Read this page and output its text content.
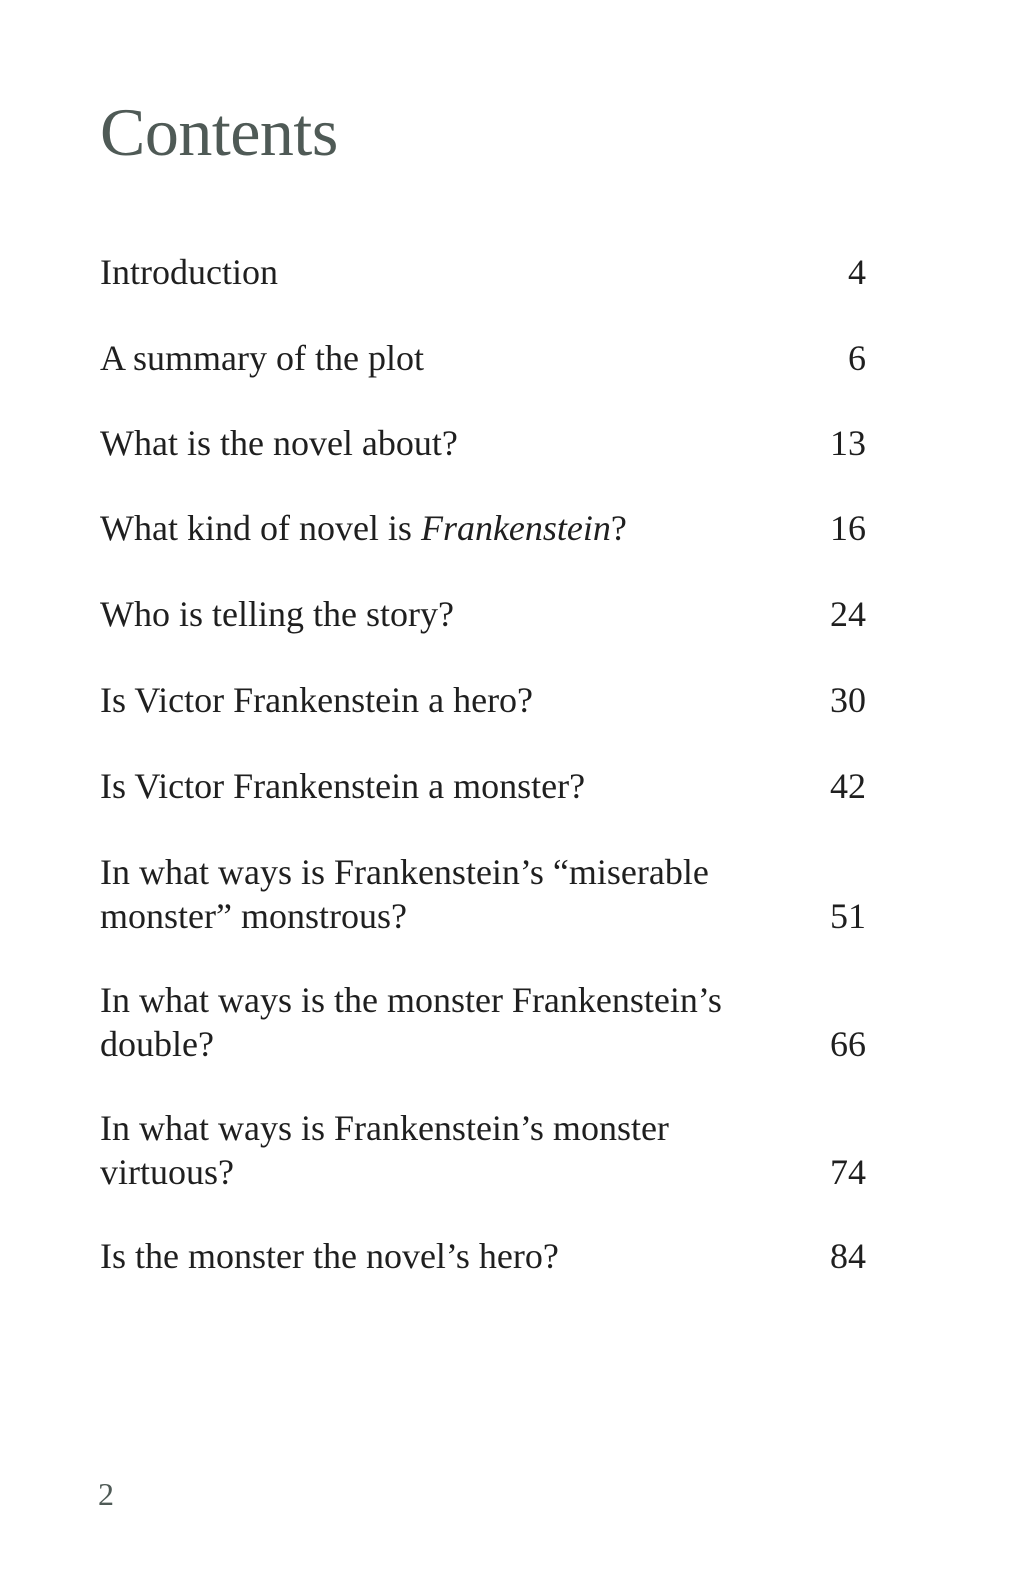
Contents
Introduction	4
A summary of the plot	6
What is the novel about?	13
What kind of novel is Frankenstein?	16
Who is telling the story?	24
Is Victor Frankenstein a hero?	30
Is Victor Frankenstein a monster?	42
In what ways is Frankenstein’s “miserable monster” monstrous?	51
In what ways is the monster Frankenstein’s double?	66
In what ways is Frankenstein’s monster virtuous?	74
Is the monster the novel’s hero?	84
2
